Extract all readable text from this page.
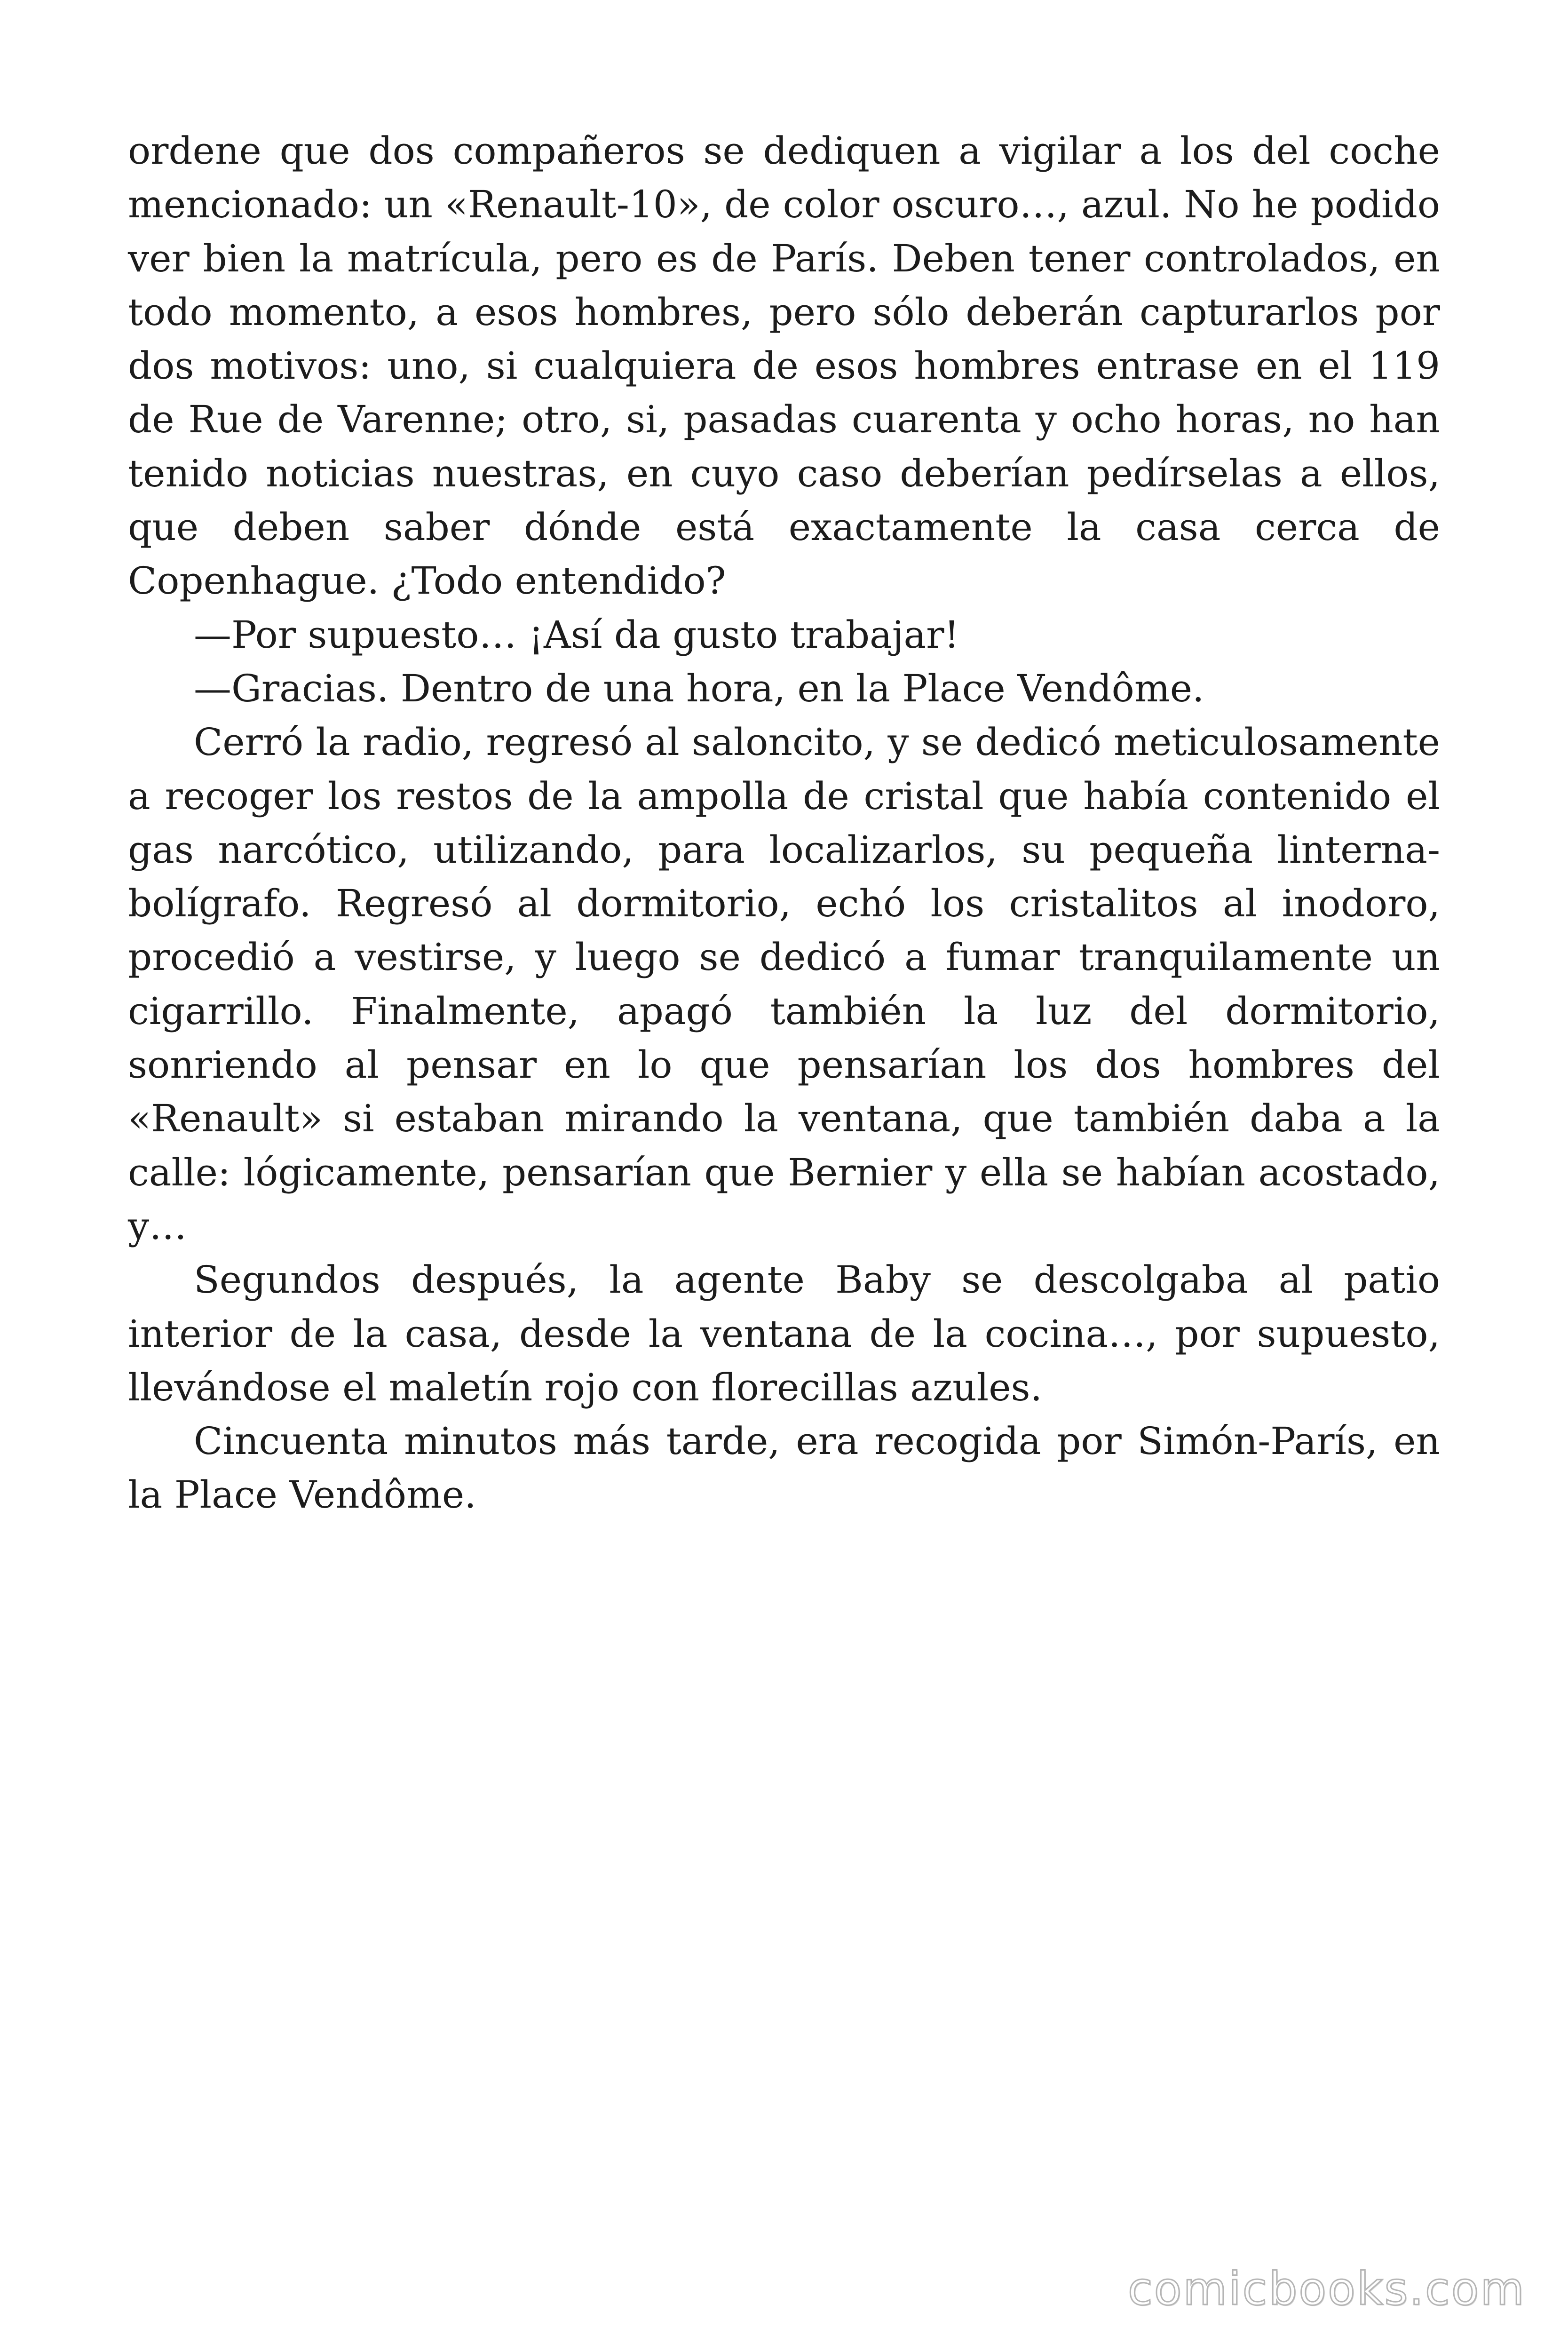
ordene que dos compañeros se dediquen a vigilar a los del coche mencionado: un «Renault-10», de color oscuro…, azul. No he podido ver bien la matrícula, pero es de París. Deben tener controlados, en todo momento, a esos hombres, pero sólo deberán capturarlos por dos motivos: uno, si cualquiera de esos hombres entrase en el 119 de Rue de Varenne; otro, si, pasadas cuarenta y ocho horas, no han tenido noticias nuestras, en cuyo caso deberían pedírselas a ellos, que deben saber dónde está exactamente la casa cerca de Copenhague. ¿Todo entendido?

—Por supuesto… ¡Así da gusto trabajar!

—Gracias. Dentro de una hora, en la Place Vendôme.

Cerró la radio, regresó al saloncito, y se dedicó meticulosamente a recoger los restos de la ampolla de cristal que había contenido el gas narcótico, utilizando, para localizarlos, su pequeña linterna-bolígrafo. Regresó al dormitorio, echó los cristalitos al inodoro, procedió a vestirse, y luego se dedicó a fumar tranquilamente un cigarrillo. Finalmente, apagó también la luz del dormitorio, sonriendo al pensar en lo que pensarían los dos hombres del «Renault» si estaban mirando la ventana, que también daba a la calle: lógicamente, pensarían que Bernier y ella se habían acostado, y…

Segundos después, la agente Baby se descolgaba al patio interior de la casa, desde la ventana de la cocina…, por supuesto, llevándose el maletín rojo con florecillas azules.

Cincuenta minutos más tarde, era recogida por Simón-París, en la Place Vendôme.

comicbooks.com
